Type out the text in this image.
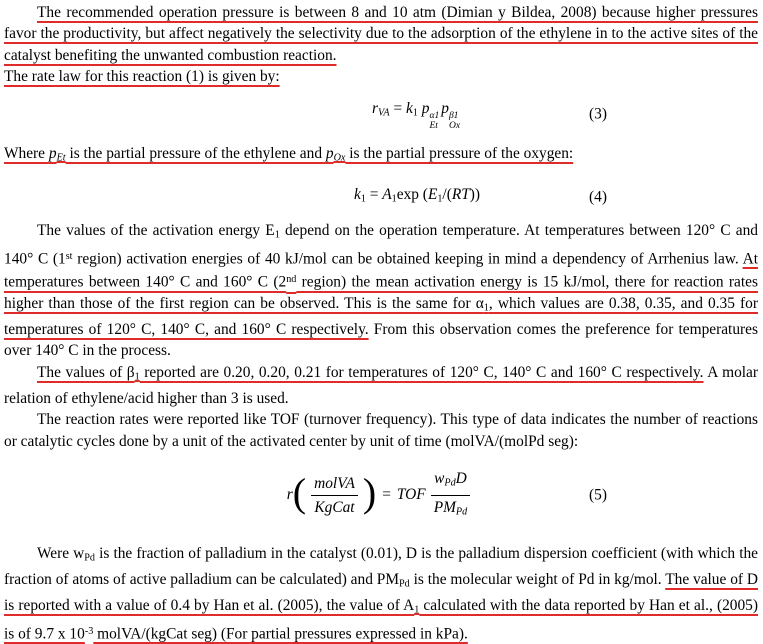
The recommended operation pressure is between 8 and 10 atm (Dimian y Bildea, 2008) because higher pressures favor the productivity, but affect negatively the selectivity due to the adsorption of the ethylene in to the active sites of the catalyst benefiting the unwanted combustion reaction.

The rate law for this reaction (1) is given by:

rVA = k1 p α1
Et
p β1
Ox
(3)

Where pEt is the partial pressure of the ethylene and pOx is the partial pressure of the oxygen:

k1 = A1exp (E1/(RT))	(4)

The values of the activation energy E1 depend on the operation temperature. At temperatures between 120° C and 140° C (1st region) activation energies of 40 kJ/mol can be obtained keeping in mind a dependency of Arrhenius law. At temperatures between 140° C and 160° C (2nd region) the mean activation energy is 15 kJ/mol, there for reaction rates higher than those of the first region can be observed. This is the same for α1, which values are 0.38, 0.35, and 0.35 for temperatures of 120° C, 140° C, and 160° C respectively. From this observation comes the preference for temperatures over 140° C in the process.

The values of β1 reported are 0.20, 0.20, 0.21 for temperatures of 120° C, 140° C and 160° C respectively. A molar relation of ethylene/acid higher than 3 is used.

The reaction rates were reported like TOF (turnover frequency). This type of data indicates the number of reactions or catalytic cycles done by a unit of the activated center by unit of time (molVA/(molPd seg):

$r( \frac{\text{molVA}}{\text{KgCat}}$ ) = TOF $\frac{\text{wPdD}}{\text{PMPd}}$	(5)

Were wPd is the fraction of palladium in the catalyst (0.01), D is the palladium dispersion coefficient (with which the fraction of atoms of active palladium can be calculated) and PMPd is the molecular weight of Pd in kg/mol. The value of D is reported with a value of 0.4 by Han et al. (2005), the value of A1 calculated with the data reported by Han et al., (2005) is of 9.7 x $10^{-3}$ molVA/(kgCat seg) (For partial pressures expressed in kPa).
